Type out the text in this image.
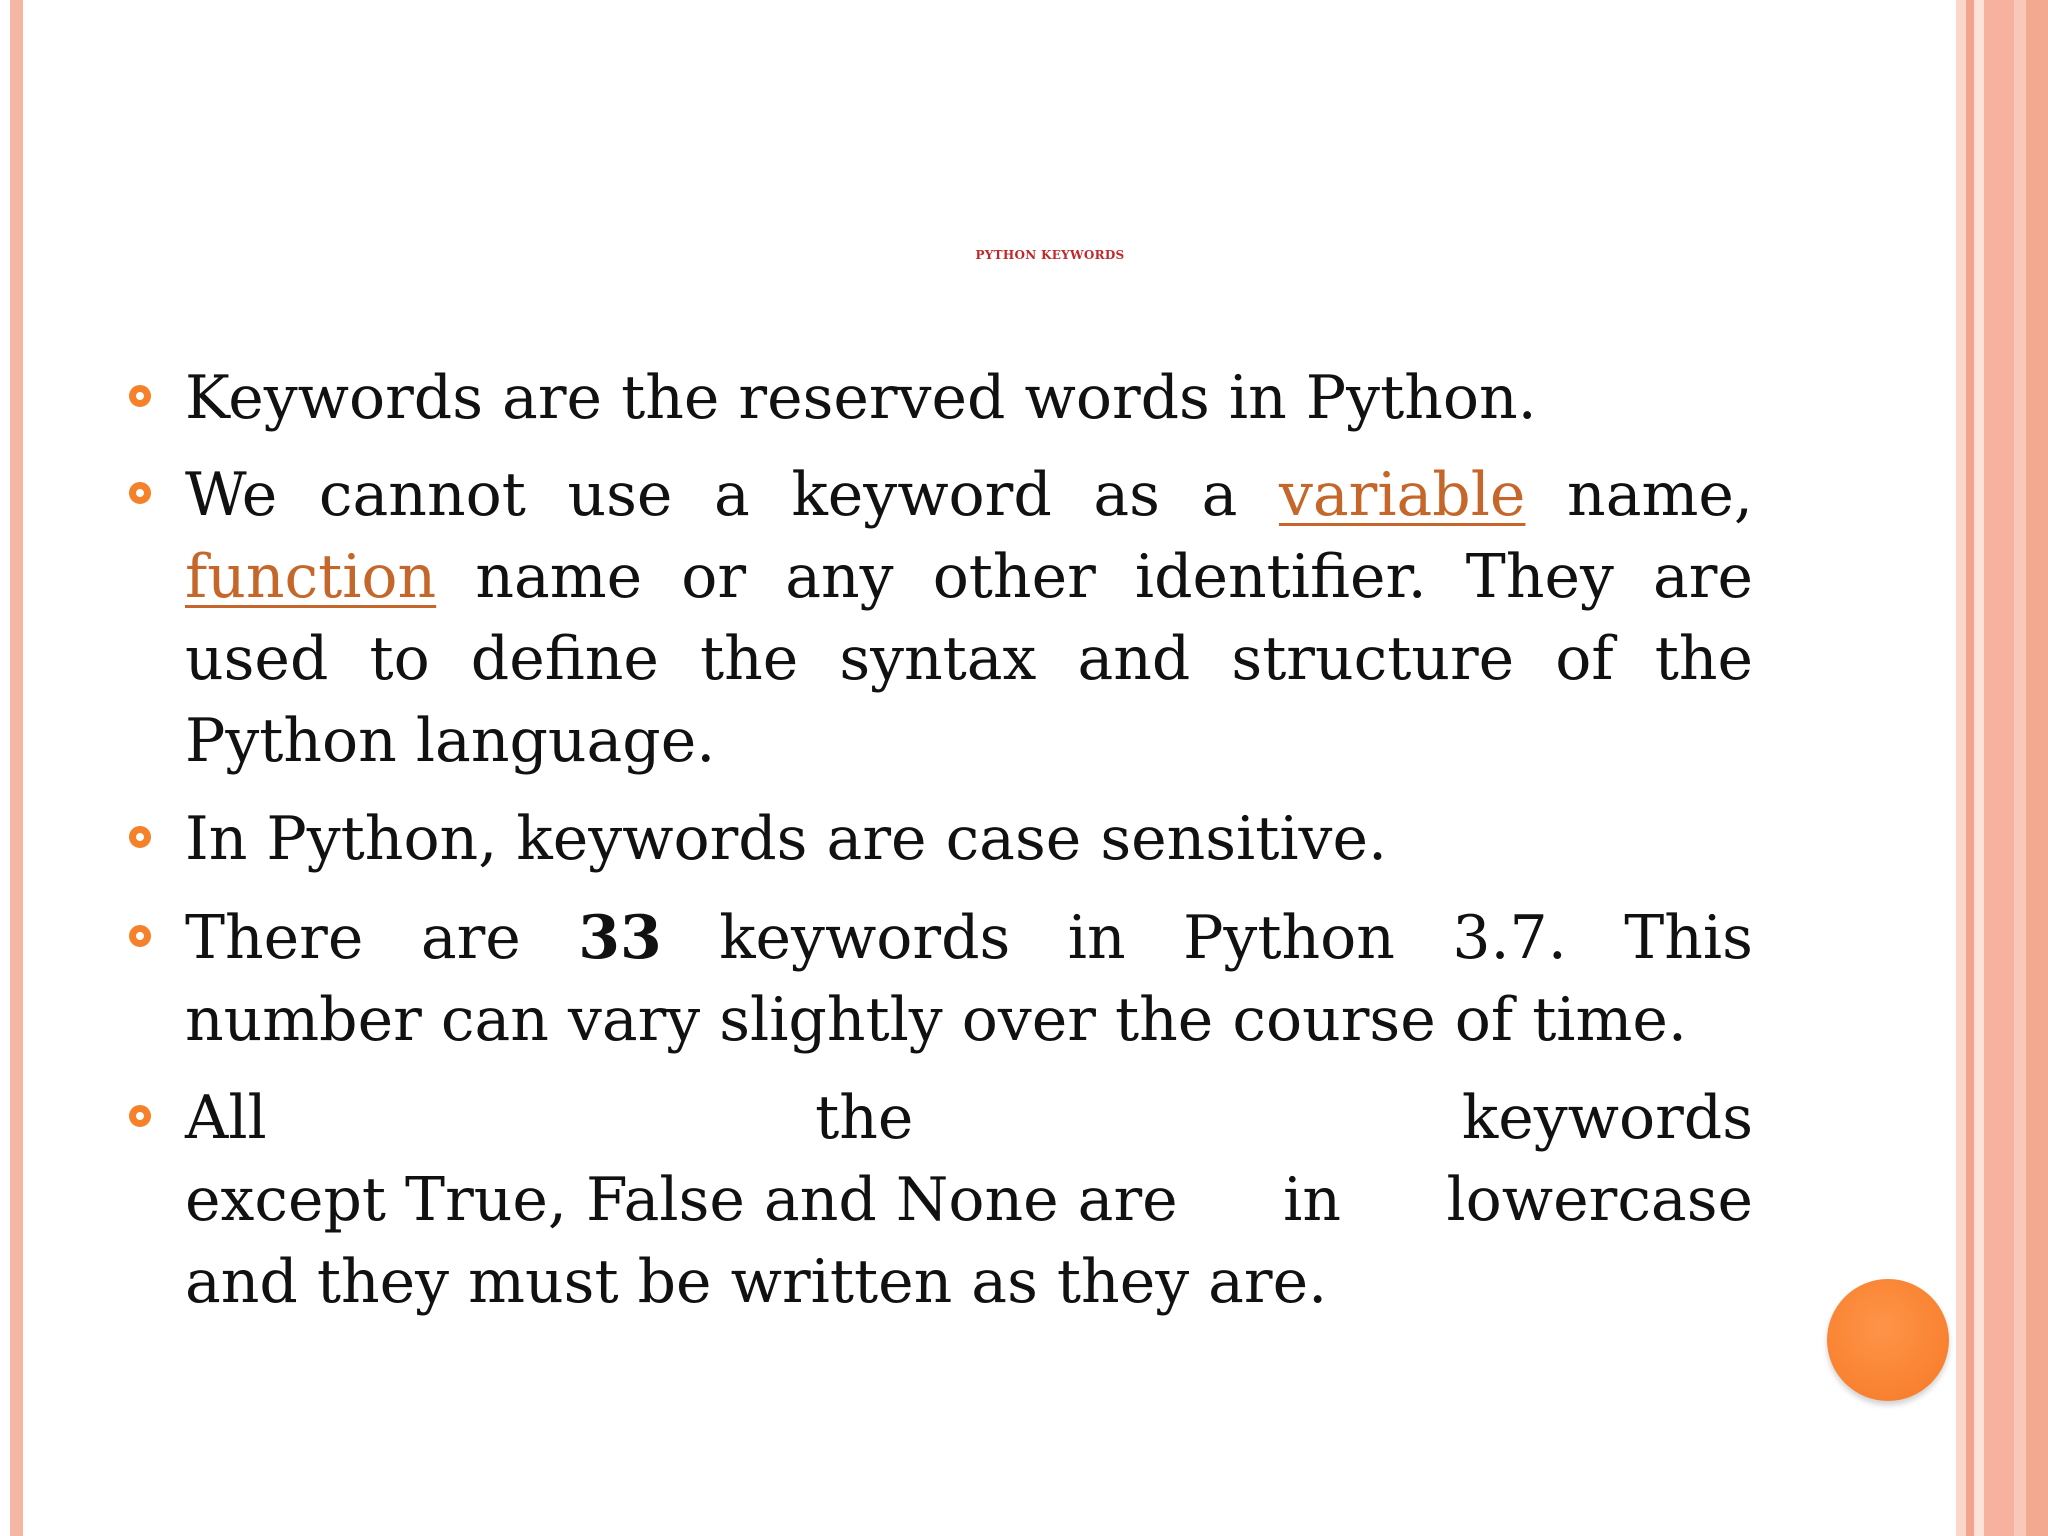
PYTHON KEYWORDS
Keywords are the reserved words in Python.
We cannot use a keyword as a variable name,
function name or any other identifier. They are
used to define the syntax and structure of the
Python language.
In Python, keywords are case sensitive.
There are 33 keywords in Python 3.7. This
number can vary slightly over the course of time.
All	the	keywords
except True, False and None are in lowercase
and they must be written as they are.
